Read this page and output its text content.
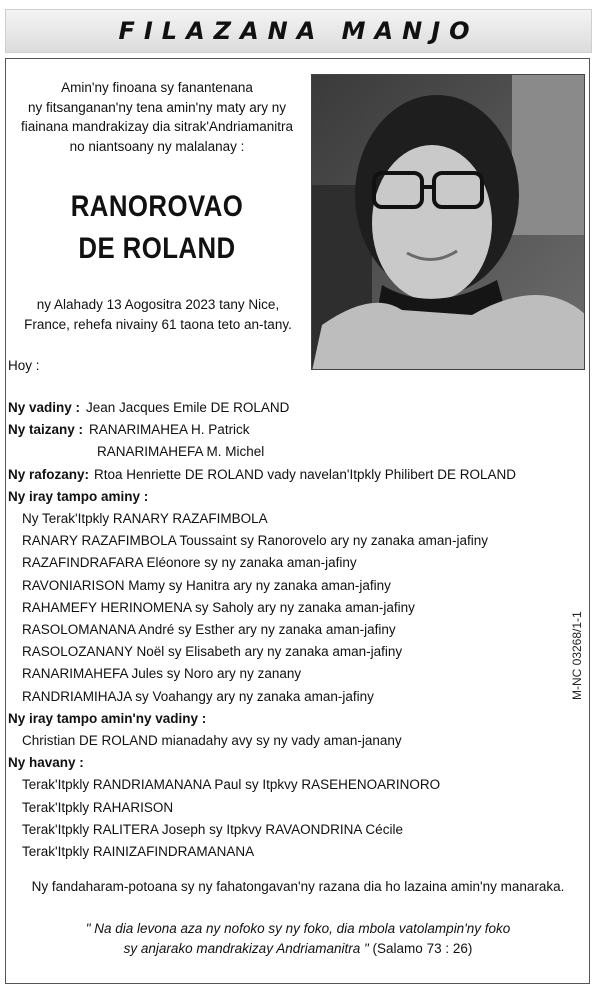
FILAZANA MANJO
Amin'ny finoana sy fanantenana
ny fitsanganan'ny tena amin'ny maty ary ny
fiainana mandrakizay dia sitrak'Andriamanitra
no niantsoany ny malalanay :
RANOROVAO
DE ROLAND
ny Alahady 13 Aogositra 2023 tany Nice,
France, rehefa nivainy 61 taona teto an-tany.
Hoy :
Ny vadiny : Jean Jacques Emile DE ROLAND
Ny taizany : RANARIMAHEA H. Patrick
RANARIMAHEFA M. Michel
Ny rafozany: Rtoa Henriette DE ROLAND vady navelan'Itpkly Philibert DE ROLAND
Ny iray tampo aminy :
Ny Terak'Itpkly RANARY RAZAFIMBOLA
RANARY RAZAFIMBOLA Toussaint sy Ranorovelo ary ny zanaka aman-jafiny
RAZAFINDRAFARA Eléonore sy ny zanaka aman-jafiny
RAVONIARISON Mamy sy Hanitra ary ny zanaka aman-jafiny
RAHAMEFY HERINOMENA sy Saholy ary ny zanaka aman-jafiny
RASOLOMANANA André sy Esther ary ny zanaka aman-jafiny
RASOLOZANANY Noël sy Elisabeth ary ny zanaka aman-jafiny
RANARIMAHEFA Jules sy Noro ary ny zanany
RANDRIAMIHAJA sy Voahangy ary ny zanaka aman-jafiny
Ny iray tampo amin'ny vadiny :
Christian DE ROLAND mianadahy avy sy ny vady aman-janany
Ny havany :
Terak'Itpkly RANDRIAMANANA Paul sy Itpkvy RASEHENOARINORO
Terak'Itpkly RAHARISON
Terak'Itpkly RALITERA Joseph sy Itpkvy RAVAONDRINA Cécile
Terak'Itpkly RAINIZAFINDRAMANANA
Ny fandaharam-potoana sy ny fahatongavan'ny razana dia ho lazaina amin'ny manaraka.
" Na dia levona aza ny nofoko sy ny foko, dia mbola vatolampin'ny foko
sy anjarako mandrakizay Andriamanitra " (Salamo 73 : 26)
M-NC 03268/1-1
